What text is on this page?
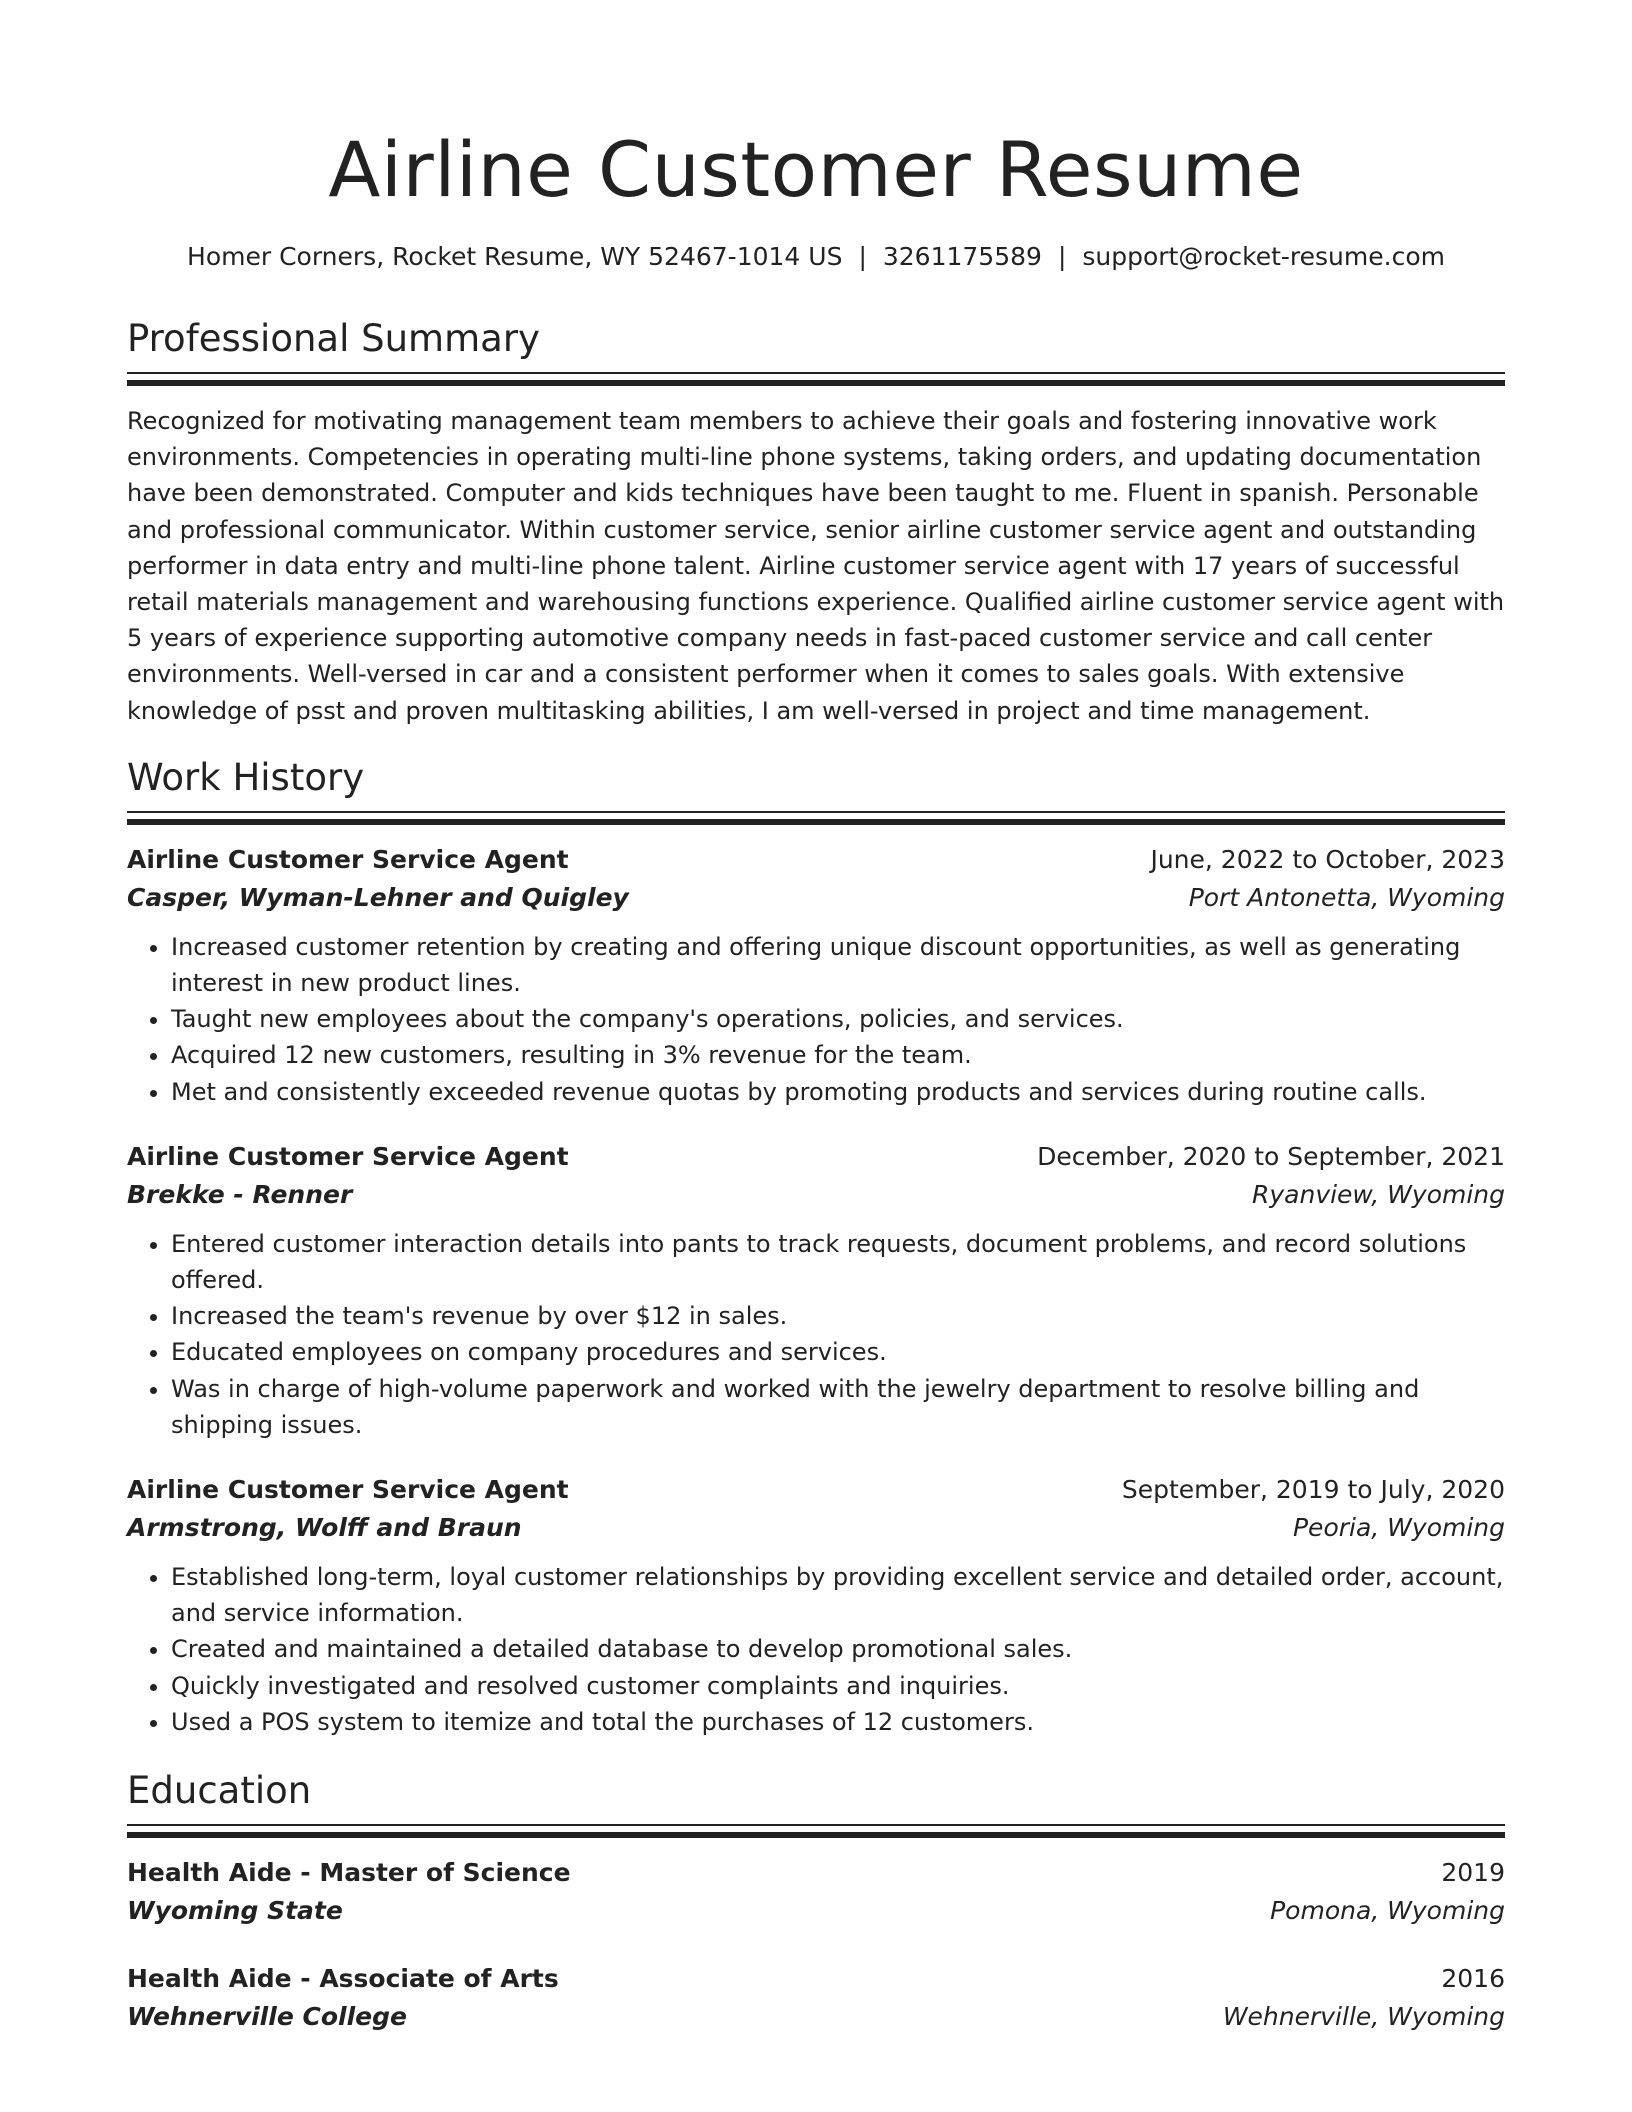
Airline Customer Resume
Homer Corners, Rocket Resume, WY 52467-1014 US | 3261175589 | support@rocket-resume.com
Professional Summary

Recognized for motivating management team members to achieve their goals and fostering innovative work environments. Competencies in operating multi-line phone systems, taking orders, and updating documentation have been demonstrated. Computer and kids techniques have been taught to me. Fluent in spanish. Personable and professional communicator. Within customer service, senior airline customer service agent and outstanding performer in data entry and multi-line phone talent. Airline customer service agent with 17 years of successful retail materials management and warehousing functions experience. Qualified airline customer service agent with 5 years of experience supporting automotive company needs in fast-paced customer service and call center environments. Well-versed in car and a consistent performer when it comes to sales goals. With extensive knowledge of psst and proven multitasking abilities, I am well-versed in project and time management.

Work History
Airline Customer Service Agent	June, 2022 to October, 2023
Casper, Wyman-Lehner and Quigley	Port Antonetta, Wyoming
• Increased customer retention by creating and offering unique discount opportunities, as well as generating interest in new product lines.
• Taught new employees about the company's operations, policies, and services.
• Acquired 12 new customers, resulting in 3% revenue for the team.
• Met and consistently exceeded revenue quotas by promoting products and services during routine calls.
Airline Customer Service Agent	December, 2020 to September, 2021
Brekke - Renner	Ryanview, Wyoming
• Entered customer interaction details into pants to track requests, document problems, and record solutions offered.
• Increased the team's revenue by over $12 in sales.
• Educated employees on company procedures and services.
• Was in charge of high-volume paperwork and worked with the jewelry department to resolve billing and shipping issues.
Airline Customer Service Agent	September, 2019 to July, 2020
Armstrong, Wolff and Braun	Peoria, Wyoming
• Established long-term, loyal customer relationships by providing excellent service and detailed order, account, and service information.
• Created and maintained a detailed database to develop promotional sales.
• Quickly investigated and resolved customer complaints and inquiries.
• Used a POS system to itemize and total the purchases of 12 customers.
Education
Health Aide - Master of Science	2019
Wyoming State	Pomona, Wyoming
Health Aide - Associate of Arts	2016
Wehnerville College	Wehnerville, Wyoming
